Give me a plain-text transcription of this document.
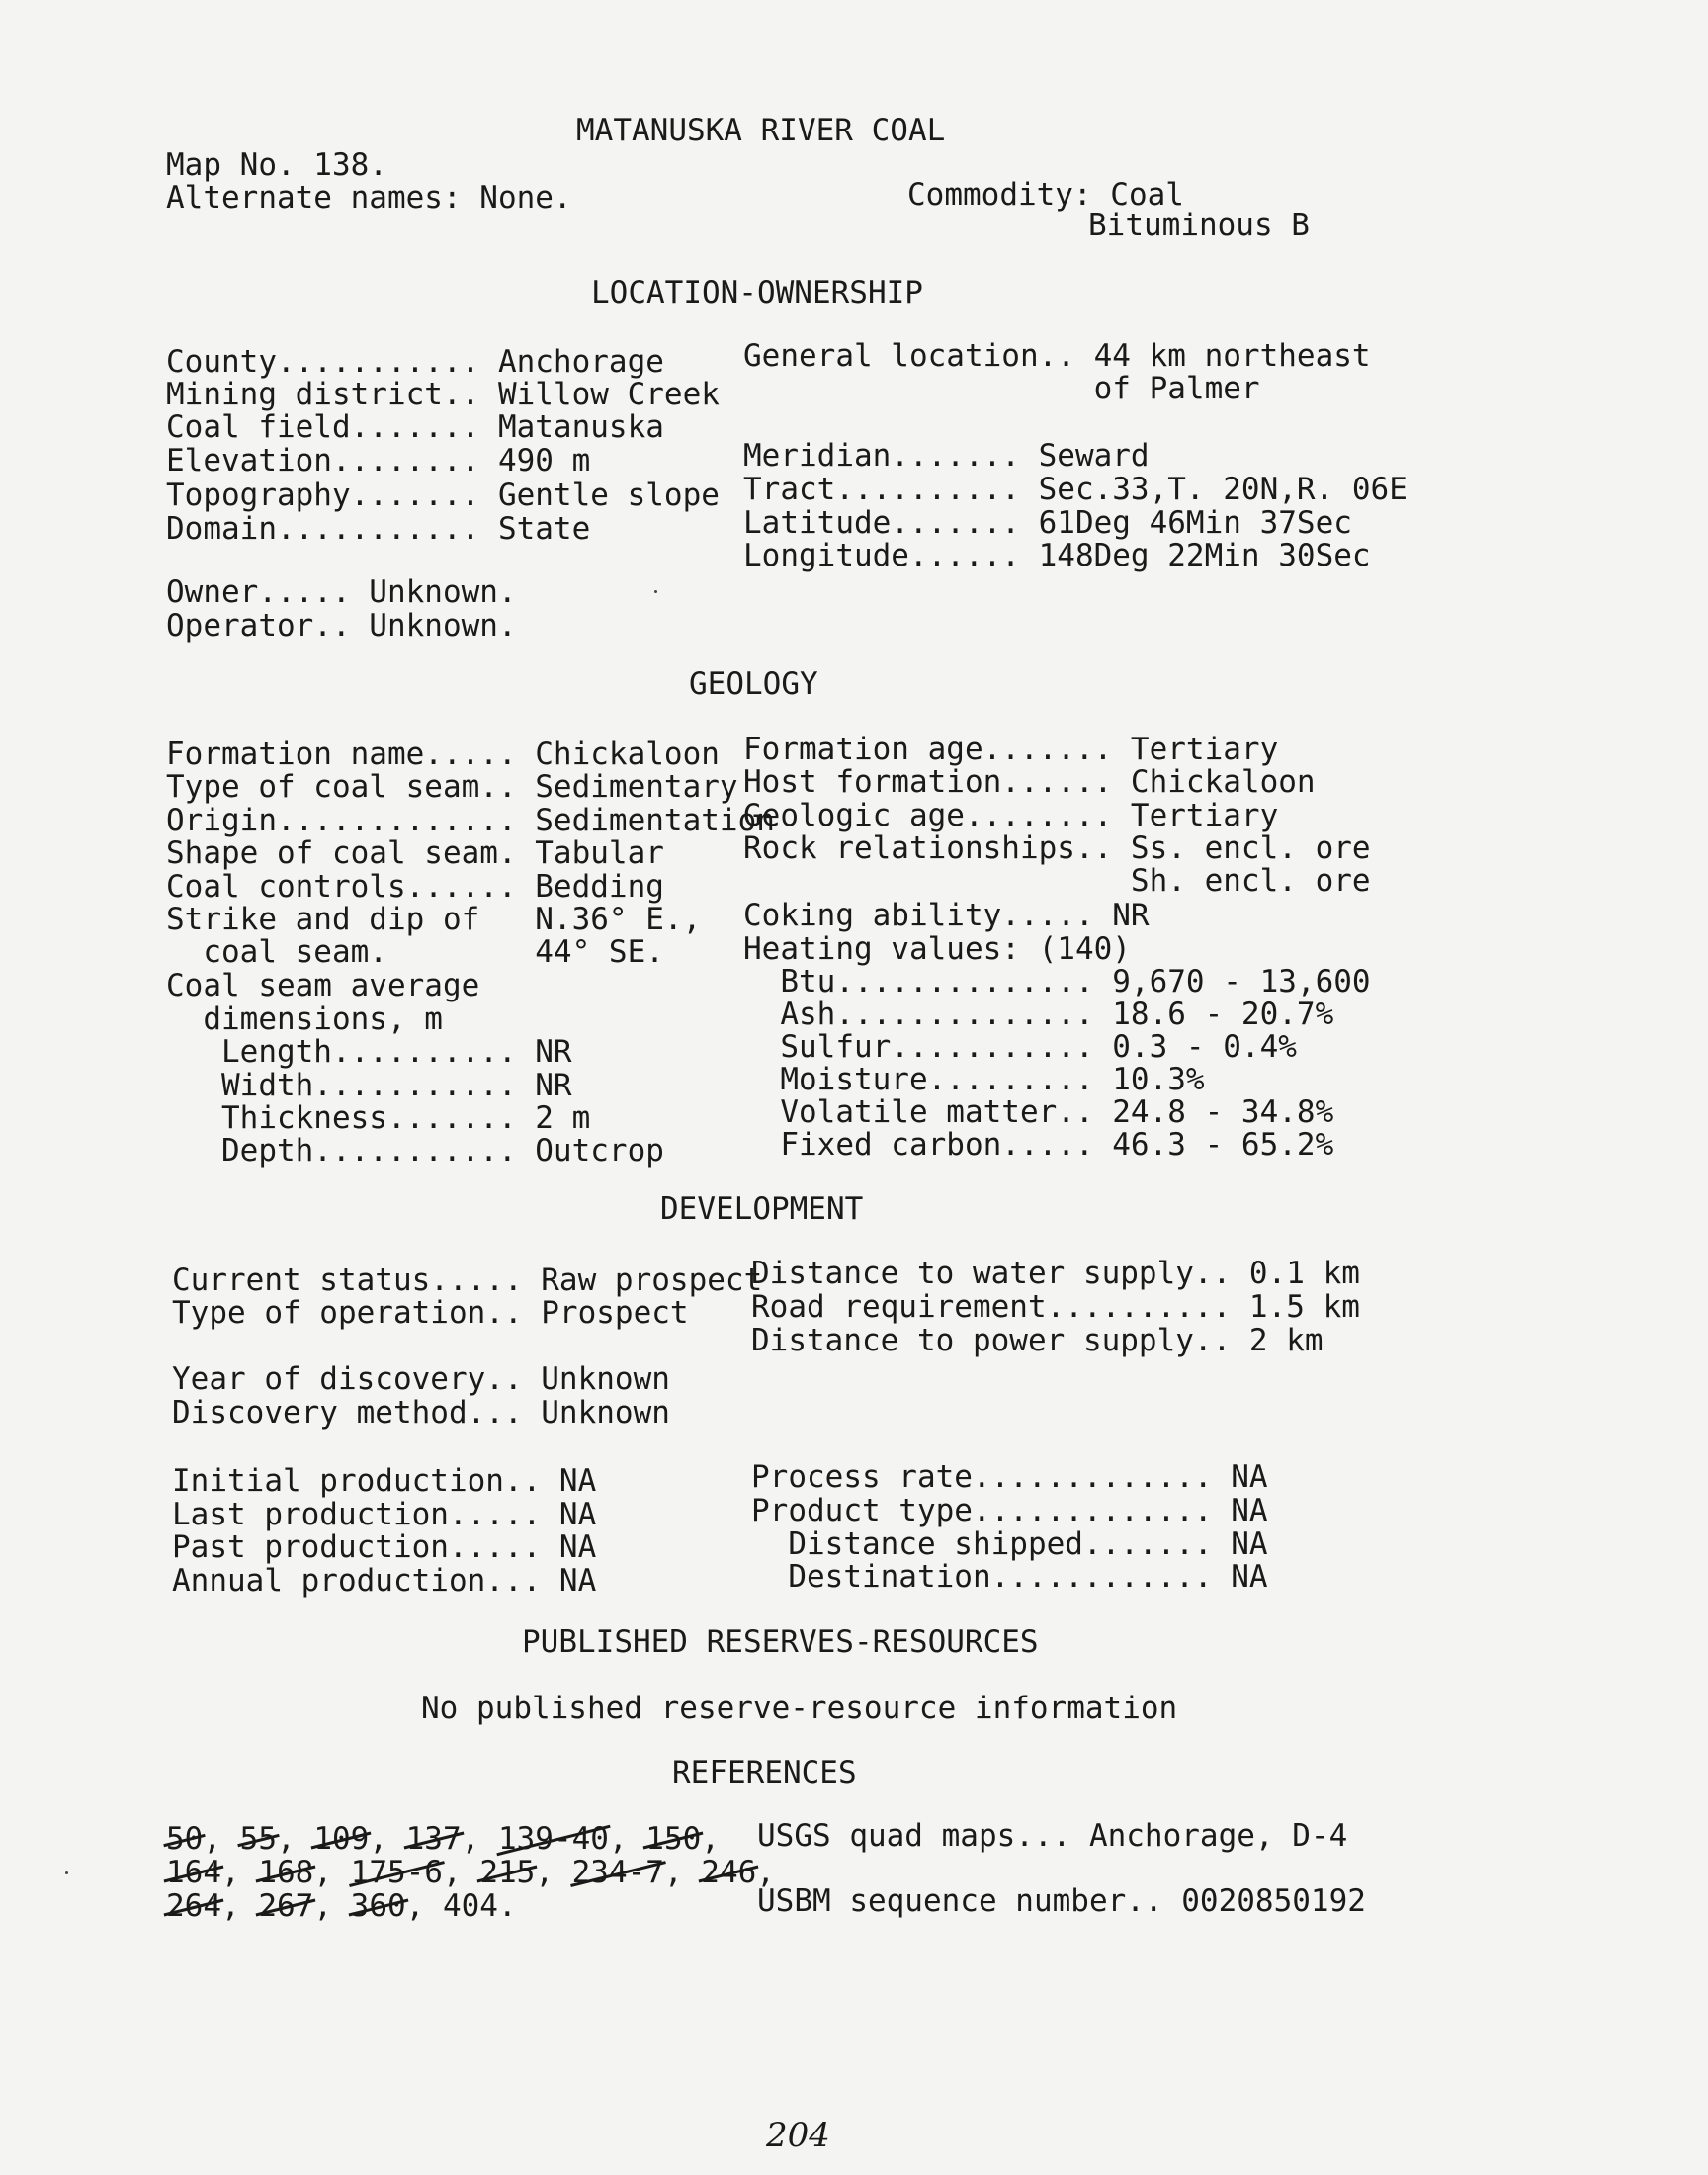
MATANUSKA RIVER COAL
Map No. 138.
Alternate names: None.	Commodity: Coal
Bituminous B
LOCATION-OWNERSHIP
County........... Anchorage
Mining district.. Willow Creek
Coal field....... Matanuska
Elevation........ 490 m
Topography....... Gentle slope
Domain........... State
General location.. 44 km northeast
of Palmer
Meridian....... Seward
Tract.......... Sec.33,T. 20N,R. 06E
Latitude....... 61Deg 46Min 37Sec
Longitude...... 148Deg 22Min 30Sec
Owner..... Unknown.
Operator.. Unknown.
GEOLOGY
Formation name..... Chickaloon
Type of coal seam.. Sedimentary
Origin............. Sedimentation
Shape of coal seam. Tabular
Coal controls...... Bedding
Strike and dip of   N.36° E.,
coal seam.        44° SE.
Coal seam average
dimensions, m
Length.......... NR
Width........... NR
Thickness....... 2 m
Depth........... Outcrop
Formation age....... Tertiary
Host formation...... Chickaloon
Geologic age........ Tertiary
Rock relationships.. Ss. encl. ore
Sh. encl. ore
Coking ability..... NR
Heating values: (140)
Btu.............. 9,670 - 13,600
Ash.............. 18.6 - 20.7%
Sulfur........... 0.3 - 0.4%
Moisture......... 10.3%
Volatile matter.. 24.8 - 34.8%
Fixed carbon..... 46.3 - 65.2%
DEVELOPMENT
Current status..... Raw prospect
Type of operation.. Prospect
Distance to water supply.. 0.1 km
Road requirement.......... 1.5 km
Distance to power supply.. 2 km
Year of discovery.. Unknown
Discovery method... Unknown
Initial production.. NA
Last production..... NA
Past production..... NA
Annual production... NA
Process rate............. NA
Product type............. NA
Distance shipped....... NA
Destination............ NA
PUBLISHED RESERVES-RESOURCES
No published reserve-resource information
REFERENCES
50, 55, 109, 137, 139-40, 150,
164, 168, 175-6, 215, 234-7, 246,
264, 267, 360, 404.
USGS quad maps... Anchorage, D-4
USBM sequence number.. 0020850192
204
